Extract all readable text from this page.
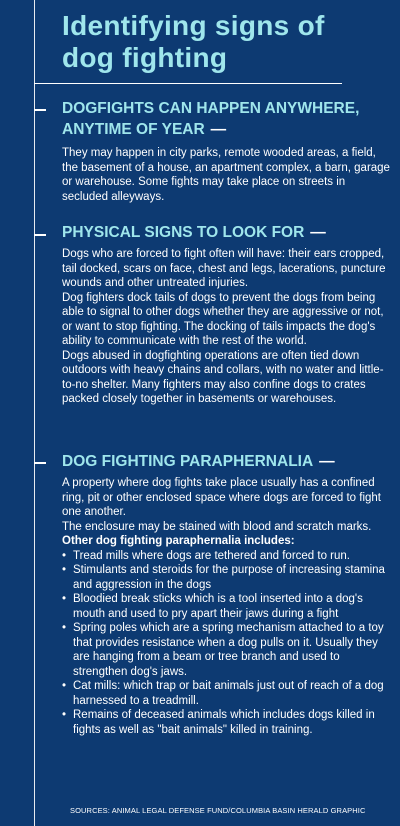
Identifying signs of dog fighting
DOGFIGHTS CAN HAPPEN ANYWHERE, ANYTIME OF YEAR —

They may happen in city parks, remote wooded areas, a field, the basement of a house, an apartment complex, a barn, garage or warehouse. Some fights may take place on streets in secluded alleyways.

PHYSICAL SIGNS TO LOOK FOR —

Dogs who are forced to fight often will have: their ears cropped, tail docked, scars on face, chest and legs, lacerations, puncture wounds and other untreated injuries.

Dog fighters dock tails of dogs to prevent the dogs from being able to signal to other dogs whether they are aggressive or not, or want to stop fighting. The docking of tails impacts the dog's ability to communicate with the rest of the world.

Dogs abused in dogfighting operations are often tied down outdoors with heavy chains and collars, with no water and little-to-no shelter. Many fighters may also confine dogs to crates packed closely together in basements or warehouses.

DOG FIGHTING PARAPHERNALIA —

A property where dog fights take place usually has a confined ring, pit or other enclosed space where dogs are forced to fight one another.

The enclosure may be stained with blood and scratch marks.

Other dog fighting paraphernalia includes:

• Tread mills where dogs are tethered and forced to run.
• Stimulants and steroids for the purpose of increasing stamina and aggression in the dogs
• Bloodied break sticks which is a tool inserted into a dog's mouth and used to pry apart their jaws during a fight
• Spring poles which are a spring mechanism attached to a toy that provides resistance when a dog pulls on it. Usually they are hanging from a beam or tree branch and used to strengthen dog's jaws.
• Cat mills: which trap or bait animals just out of reach of a dog harnessed to a treadmill.
• Remains of deceased animals which includes dogs killed in fights as well as "bait animals" killed in training.
SOURCES: ANIMAL LEGAL DEFENSE FUND/COLUMBIA BASIN HERALD GRAPHIC
